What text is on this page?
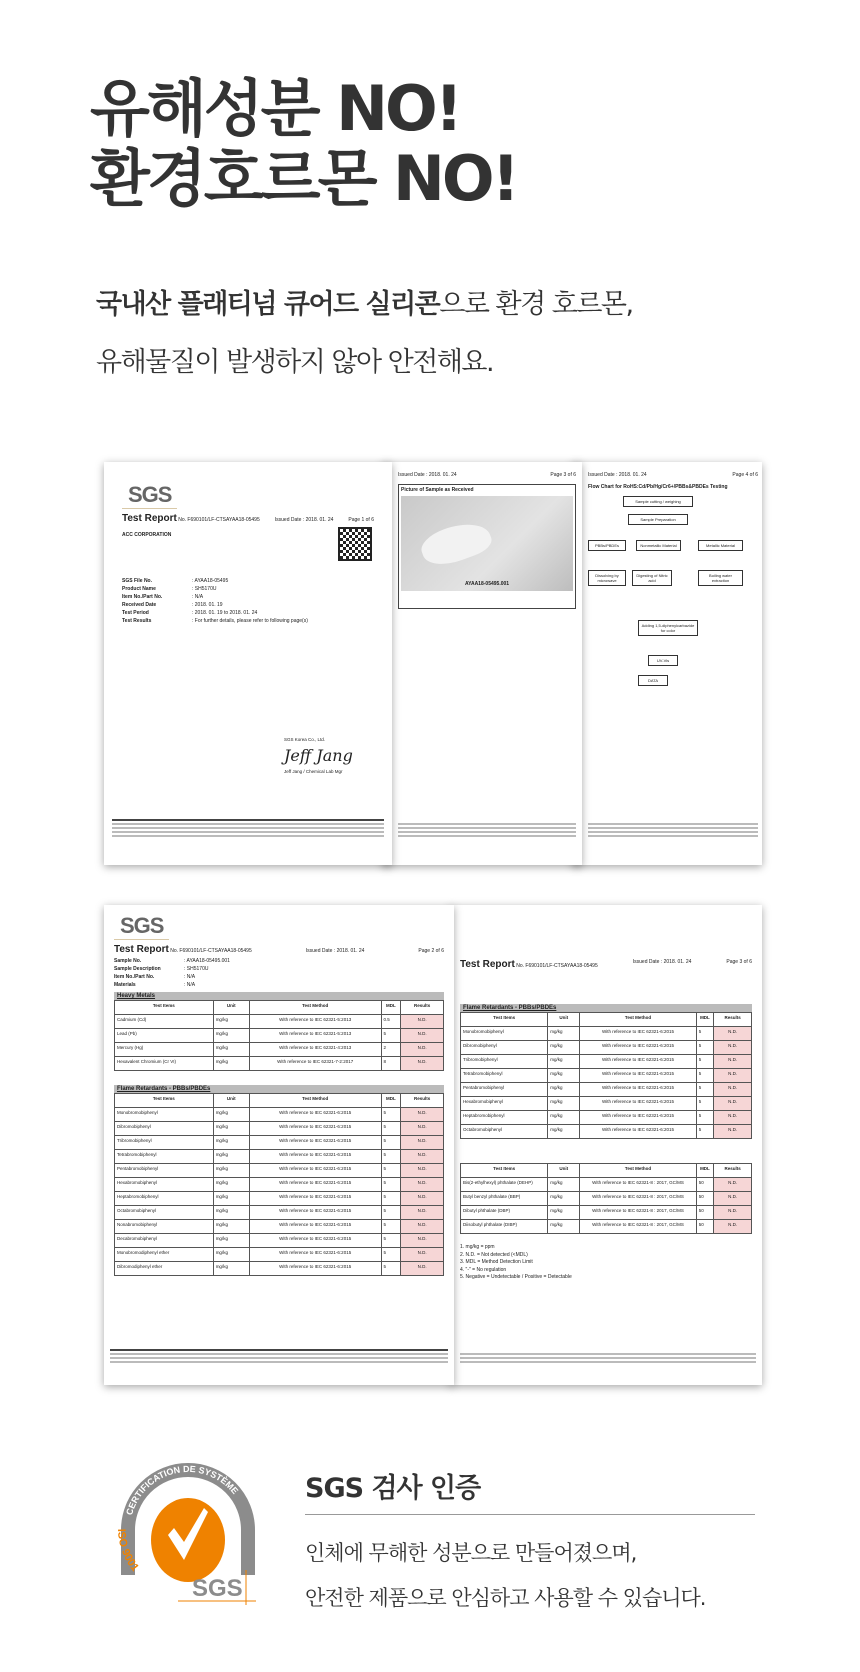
유해성분 NO!
환경호르몬 NO!
국내산 플래티넘 큐어드 실리콘으로 환경 호르몬,
유해물질이 발생하지 않아 안전해요.
Issued Date : 2018. 01. 24	Page 4 of 6
Flow Chart for RoHS:Cd/Pb/Hg/Cr6+/PBBs&PBDEs Testing
Sample cutting / weighing
Sample Preparation
PBBs/PBDEs	Nonmetallic Material	Metallic Material
Dissolving by microwave
Digesting of Nitric acid
Boiling water extraction
Adding 1,5-diphenylcarbazide for color
UV-Vis
DATA
Issued Date : 2018. 01. 24	Page 3 of 6
Picture of Sample as Received
AYAA18-05495.001
SGS
Test Report No. F690101/LF-CTSAYAA18-05495	Issued Date : 2018. 01. 24	Page 1 of 6
ACC CORPORATION
SGS File No.	: AYAA18-05495
Product Name	: SH5170U
Item No./Part No.	: N/A
Received Date	: 2018. 01. 19
Test Period	: 2018. 01. 19 to 2018. 01. 24
Test Results	: For further details, please refer to following page(s)
SGS Korea Co., Ltd.
Jeff Jang
Jeff Jang / Chemical Lab Mgr
Test Report No. F690101/LF-CTSAYAA18-05495
Issued Date : 2018. 01. 24	Page 3 of 6
Flame Retardants - PBBs/PBDEs
Test Items	Unit	Test Method	MDL	Results
Monobromobiphenyl	mg/kg	With reference to IEC 62321-6:2015	5	N.D.
Dibromobiphenyl	mg/kg	With reference to IEC 62321-6:2015	5	N.D.
Tribromobiphenyl	mg/kg	With reference to IEC 62321-6:2015	5	N.D.
Tetrabromobiphenyl	mg/kg	With reference to IEC 62321-6:2015	5	N.D.
Pentabromobiphenyl	mg/kg	With reference to IEC 62321-6:2015	5	N.D.
Hexabromobiphenyl	mg/kg	With reference to IEC 62321-6:2015	5	N.D.
Heptabromobiphenyl	mg/kg	With reference to IEC 62321-6:2015	5	N.D.
Octabromobiphenyl	mg/kg	With reference to IEC 62321-6:2015	5	N.D.
Test Items	Unit	Test Method	MDL	Results
Bis(2-ethylhexyl) phthalate (DEHP)	mg/kg	With reference to IEC 62321-8 : 2017, GC/MS	50	N.D.
Butyl benzyl phthalate (BBP)	mg/kg	With reference to IEC 62321-8 : 2017, GC/MS	50	N.D.
Dibutyl phthalate (DBP)	mg/kg	With reference to IEC 62321-8 : 2017, GC/MS	50	N.D.
Diisobutyl phthalate (DIBP)	mg/kg	With reference to IEC 62321-8 : 2017, GC/MS	50	N.D.
1. mg/kg = ppm
2. N.D. = Not detected (<MDL)
3. MDL = Method Detection Limit
4. "-" = No regulation
5. Negative = Undetectable / Positive = Detectable
SGS
Test Report No. F690101/LF-CTSAYAA18-05495	Issued Date : 2018. 01. 24	Page 2 of 6
Sample No.	: AYAA18-05495.001
Sample Description	: SH5170U
Item No./Part No.	: N/A
Materials	: N/A
Heavy Metals
Test Items	Unit	Test Method	MDL	Results
Cadmium (Cd)	mg/kg	With reference to IEC 62321-5:2013	0.5	N.D.
Lead (Pb)	mg/kg	With reference to IEC 62321-5:2013	5	N.D.
Mercury (Hg)	mg/kg	With reference to IEC 62321-4:2013	2	N.D.
Hexavalent Chromium (Cr VI)	mg/kg	With reference to IEC 62321-7-2:2017	8	N.D.
Flame Retardants - PBBs/PBDEs
Test Items	Unit	Test Method	MDL	Results
Monobromobiphenyl	mg/kg	With reference to IEC 62321-6:2015	5	N.D.
Dibromobiphenyl	mg/kg	With reference to IEC 62321-6:2015	5	N.D.
Tribromobiphenyl	mg/kg	With reference to IEC 62321-6:2015	5	N.D.
Tetrabromobiphenyl	mg/kg	With reference to IEC 62321-6:2015	5	N.D.
Pentabromobiphenyl	mg/kg	With reference to IEC 62321-6:2015	5	N.D.
Hexabromobiphenyl	mg/kg	With reference to IEC 62321-6:2015	5	N.D.
Heptabromobiphenyl	mg/kg	With reference to IEC 62321-6:2015	5	N.D.
Octabromobiphenyl	mg/kg	With reference to IEC 62321-6:2015	5	N.D.
Nonabromobiphenyl	mg/kg	With reference to IEC 62321-6:2015	5	N.D.
Decabromobiphenyl	mg/kg	With reference to IEC 62321-6:2015	5	N.D.
Monobromodiphenyl ether	mg/kg	With reference to IEC 62321-6:2015	5	N.D.
Dibromodiphenyl ether	mg/kg	With reference to IEC 62321-6:2015	5	N.D.
CERTIFICATION DE SYSTÈME
ISO 9001
SGS
SGS 검사 인증
인체에 무해한 성분으로 만들어졌으며,
안전한 제품으로 안심하고 사용할 수 있습니다.
